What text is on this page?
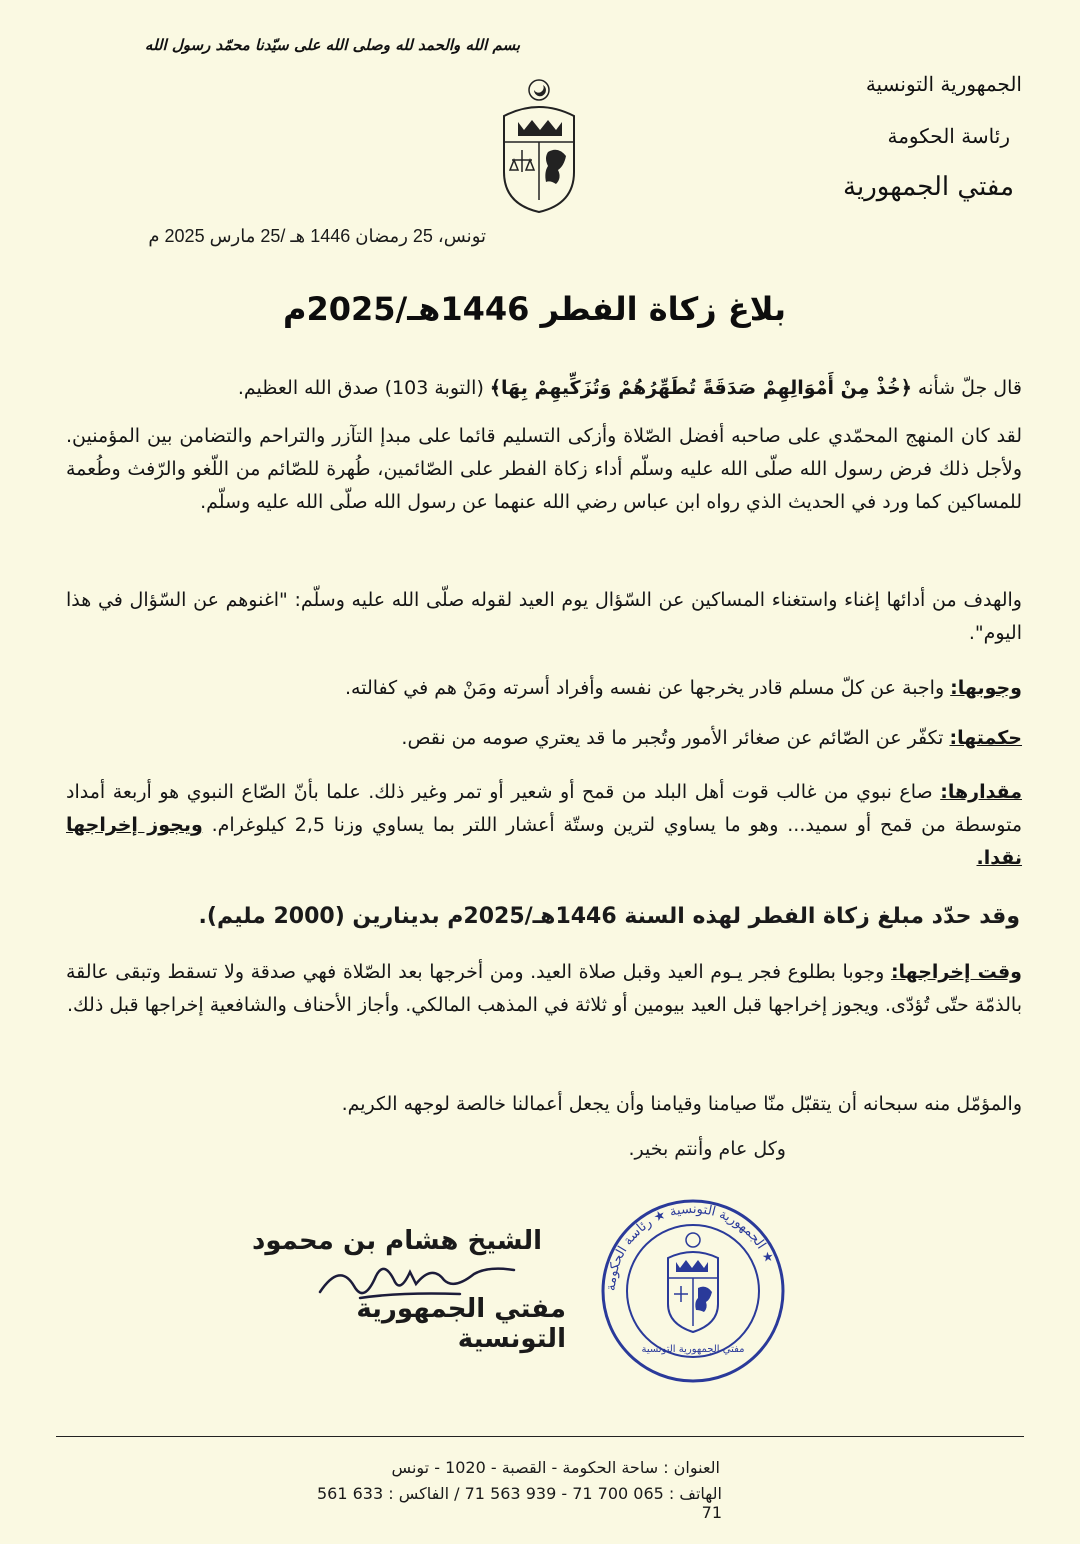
بسم الله والحمد لله وصلى الله على سيّدنا محمّد رسول الله
الجمهورية التونسية
رئاسة الحكومة
مفتي الجمهورية
تونس، 25 رمضان 1446 هـ /25 مارس 2025 م
بلاغ زكاة الفطر 1446هـ/2025م
قال جلّ شأنه ﴿خُذْ مِنْ أَمْوَالِهِمْ صَدَقَةً تُطَهِّرُهُمْ وَتُزَكِّيهِمْ بِهَا﴾ (التوبة 103) صدق الله العظيم.
لقد كان المنهج المحمّدي على صاحبه أفضل الصّلاة وأزكى التسليم قائما على مبدإ التآزر والتراحم والتضامن بين المؤمنين. ولأجل ذلك فرض رسول الله صلّى الله عليه وسلّم أداء زكاة الفطر على الصّائمين، طُهرة للصّائم من اللّغو والرّفث وطُعمة للمساكين كما ورد في الحديث الذي رواه ابن عباس رضي الله عنهما عن رسول الله صلّى الله عليه وسلّم.
والهدف من أدائها إغناء واستغناء المساكين عن السّؤال يوم العيد لقوله صلّى الله عليه وسلّم: "اغنوهم عن السّؤال في هذا اليوم".
وجوبها: واجبة عن كلّ مسلم قادر يخرجها عن نفسه وأفراد أسرته ومَنْ هم في كفالته.
حكمتها: تكفّر عن الصّائم عن صغائر الأمور وتُجبر ما قد يعتري صومه من نقص.
مقدارها: صاع نبوي من غالب قوت أهل البلد من قمح أو شعير أو تمر وغير ذلك. علما بأنّ الصّاع النبوي هو أربعة أمداد متوسطة من قمح أو سميد... وهو ما يساوي لترين وستّة أعشار اللتر بما يساوي وزنا 2,5 كيلوغرام. ويجوز إخراجها نقدا.
وقد حدّد مبلغ زكاة الفطر لهذه السنة 1446هـ/2025م بدينارين (2000 مليم).
وقت إخراجها: وجوبا بطلوع فجر يـوم العيد وقبل صلاة العيد. ومن أخرجها بعد الصّلاة فهي صدقة ولا تسقط وتبقى عالقة بالذمّة حتّى تُؤدّى. ويجوز إخراجها قبل العيد بيومين أو ثلاثة في المذهب المالكي. وأجاز الأحناف والشافعية إخراجها قبل ذلك.
والمؤمّل منه سبحانه أن يتقبّل منّا صيامنا وقيامنا وأن يجعل أعمالنا خالصة لوجهه الكريم.
وكل عام وأنتم بخير.
الشيخ هشام بن محمود
مفتي الجمهورية التونسية
الجمهورية التونسية ★ رئاسة الحكومة ★
مفتي الجمهورية التونسية
العنوان : ساحة الحكومة - القصبة - 1020 - تونس
الهاتف : 065 700 71 - 939 563 71 / الفاكس : 633 561 71
